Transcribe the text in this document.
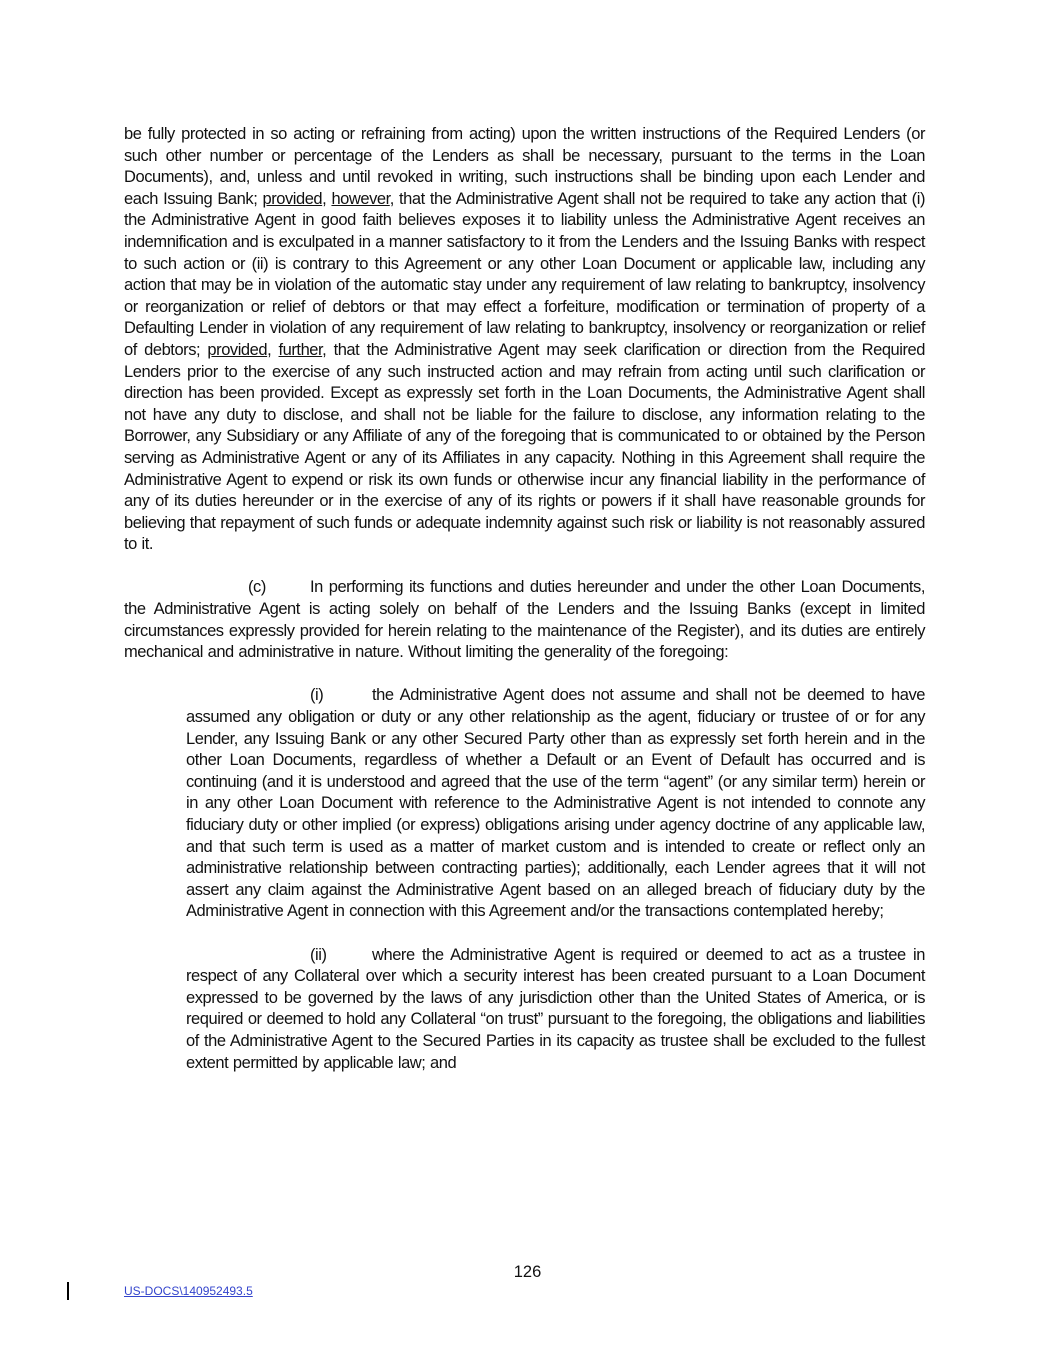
be fully protected in so acting or refraining from acting) upon the written instructions of the Required Lenders (or such other number or percentage of the Lenders as shall be necessary, pursuant to the terms in the Loan Documents), and, unless and until revoked in writing, such instructions shall be binding upon each Lender and each Issuing Bank; provided, however, that the Administrative Agent shall not be required to take any action that (i) the Administrative Agent in good faith believes exposes it to liability unless the Administrative Agent receives an indemnification and is exculpated in a manner satisfactory to it from the Lenders and the Issuing Banks with respect to such action or (ii) is contrary to this Agreement or any other Loan Document or applicable law, including any action that may be in violation of the automatic stay under any requirement of law relating to bankruptcy, insolvency or reorganization or relief of debtors or that may effect a forfeiture, modification or termination of property of a Defaulting Lender in violation of any requirement of law relating to bankruptcy, insolvency or reorganization or relief of debtors; provided, further, that the Administrative Agent may seek clarification or direction from the Required Lenders prior to the exercise of any such instructed action and may refrain from acting until such clarification or direction has been provided. Except as expressly set forth in the Loan Documents, the Administrative Agent shall not have any duty to disclose, and shall not be liable for the failure to disclose, any information relating to the Borrower, any Subsidiary or any Affiliate of any of the foregoing that is communicated to or obtained by the Person serving as Administrative Agent or any of its Affiliates in any capacity. Nothing in this Agreement shall require the Administrative Agent to expend or risk its own funds or otherwise incur any financial liability in the performance of any of its duties hereunder or in the exercise of any of its rights or powers if it shall have reasonable grounds for believing that repayment of such funds or adequate indemnity against such risk or liability is not reasonably assured to it.

(c)	In performing its functions and duties hereunder and under the other Loan Documents, the Administrative Agent is acting solely on behalf of the Lenders and the Issuing Banks (except in limited circumstances expressly provided for herein relating to the maintenance of the Register), and its duties are entirely mechanical and administrative in nature. Without limiting the generality of the foregoing:

(i)	the Administrative Agent does not assume and shall not be deemed to have assumed any obligation or duty or any other relationship as the agent, fiduciary or trustee of or for any Lender, any Issuing Bank or any other Secured Party other than as expressly set forth herein and in the other Loan Documents, regardless of whether a Default or an Event of Default has occurred and is continuing (and it is understood and agreed that the use of the term “agent” (or any similar term) herein or in any other Loan Document with reference to the Administrative Agent is not intended to connote any fiduciary duty or other implied (or express) obligations arising under agency doctrine of any applicable law, and that such term is used as a matter of market custom and is intended to create or reflect only an administrative relationship between contracting parties); additionally, each Lender agrees that it will not assert any claim against the Administrative Agent based on an alleged breach of fiduciary duty by the Administrative Agent in connection with this Agreement and/or the transactions contemplated hereby;

(ii)	where the Administrative Agent is required or deemed to act as a trustee in respect of any Collateral over which a security interest has been created pursuant to a Loan Document expressed to be governed by the laws of any jurisdiction other than the United States of America, or is required or deemed to hold any Collateral “on trust” pursuant to the foregoing, the obligations and liabilities of the Administrative Agent to the Secured Parties in its capacity as trustee shall be excluded to the fullest extent permitted by applicable law; and

126
US-DOCS\140952493.5
